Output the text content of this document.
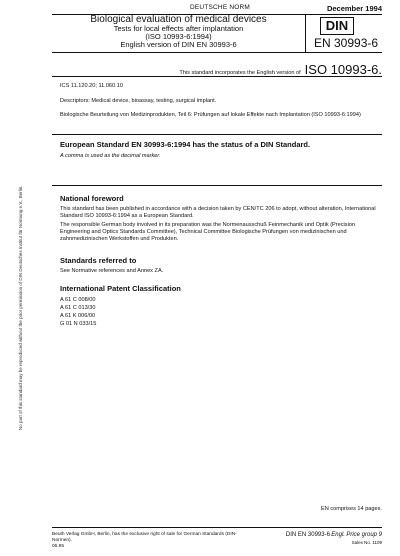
DEUTSCHE NORM	December 1994
Biological evaluation of medical devices
Tests for local effects after implantation
(ISO 10993-6:1994)
English version of DIN EN 30993-6
DIN
EN 30993-6
This standard incorporates the English version of ISO 10993-6.
ICS 11.120.20; 11.060.10
Descriptors: Medical device, bioassay, testing, surgical implant.
Biologische Beurteilung von Medizinprodukten, Teil 6: Prüfungen auf lokale Effekte nach Implantation (ISO 10993-6:1994)
European Standard EN 30993-6:1994 has the status of a DIN Standard.
A comma is used as the decimal marker.
National foreword

This standard has been published in accordance with a decision taken by CEN/TC 206 to adopt, without alteration, International Standard ISO 10993-6:1994 as a European Standard.

The responsible German body involved in its preparation was the Normenausschuß Feinmechanik und Optik (Precision Engineering and Optics Standards Committee), Technical Committee Biologische Prüfungen von medizinischen und zahnmedizinischen Werkstoffen und Produkten.

Standards referred to

See Normative references and Annex ZA.

International Patent Classification
A 61 C 008/00
A 61 C 013/30
A 61 K 006/00
G 01 N 033/15
No part of this standard may be reproduced without the prior permission of DIN Deutsches Institut für Normung e.V., Berlin.
EN comprises 14 pages.
Beuth Verlag GmbH, Berlin, has the exclusive right of sale for German Standards (DIN-Normen).
06.95
DIN EN 30993-6 Engl. Price group 9
Sales No. 1109
